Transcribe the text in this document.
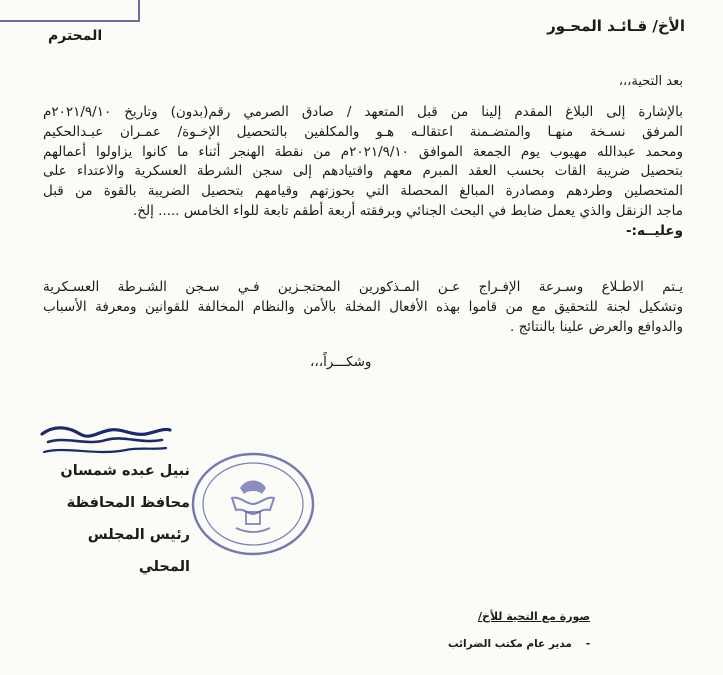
الأخ/ قـائـد المحـور
المحترم
بعد التحية،،،
بالإشارة إلى البلاغ المقدم إلينا من قبل المتعهد / صادق الصرمي رقم(بدون) وتاريخ ٢٠٢١/٩/١٠م
المرفق نسـخة منهـا والمتضـمنة اعتقالـه هـو والمكلفين بالتحصيل الإخـوة/ عمـران عبـدالحكيم
ومحمد عبدالله مهيوب يوم الجمعة الموافق ٢٠٢١/٩/١٠م من نقطة الهنجر أثناء ما كانوا يزاولوا أعمالهم
بتحصيل ضريبة القات بحسب العقد المبرم معهم واقتيادهم إلى سجن الشرطة العسكرية والاعتداء على
المتحصلين وطردهم ومصادرة المبالغ المحصلة التي بحوزتهم وقيامهم بتحصيل الضريبة بالقوة من قبل
ماجد الزنقل والذي يعمل ضابط في البحث الجنائي وبرفقته أربعة أطقم تابعة للواء الخامس ..... إلخ.
وعليــه:-
يـتم الاطـلاع وسـرعة الإفـراج عـن المـذكورين المحتجـزين فـي سـجن الشـرطة العسـكرية
وتشكيل لجنة للتحقيق مع من قاموا بهذه الأفعال المخلة بالأمن والنظام المخالفة للقوانين ومعرفة الأسباب
والدوافع والعرض علينا بالنتائج .
وشكـــراً،،،
نبيل عبده شمسان
محافظ المحافظة
رئيس المجلس المحلي
صورة مع التحية للأخ/
-مدير عام مكتب الضرائب
